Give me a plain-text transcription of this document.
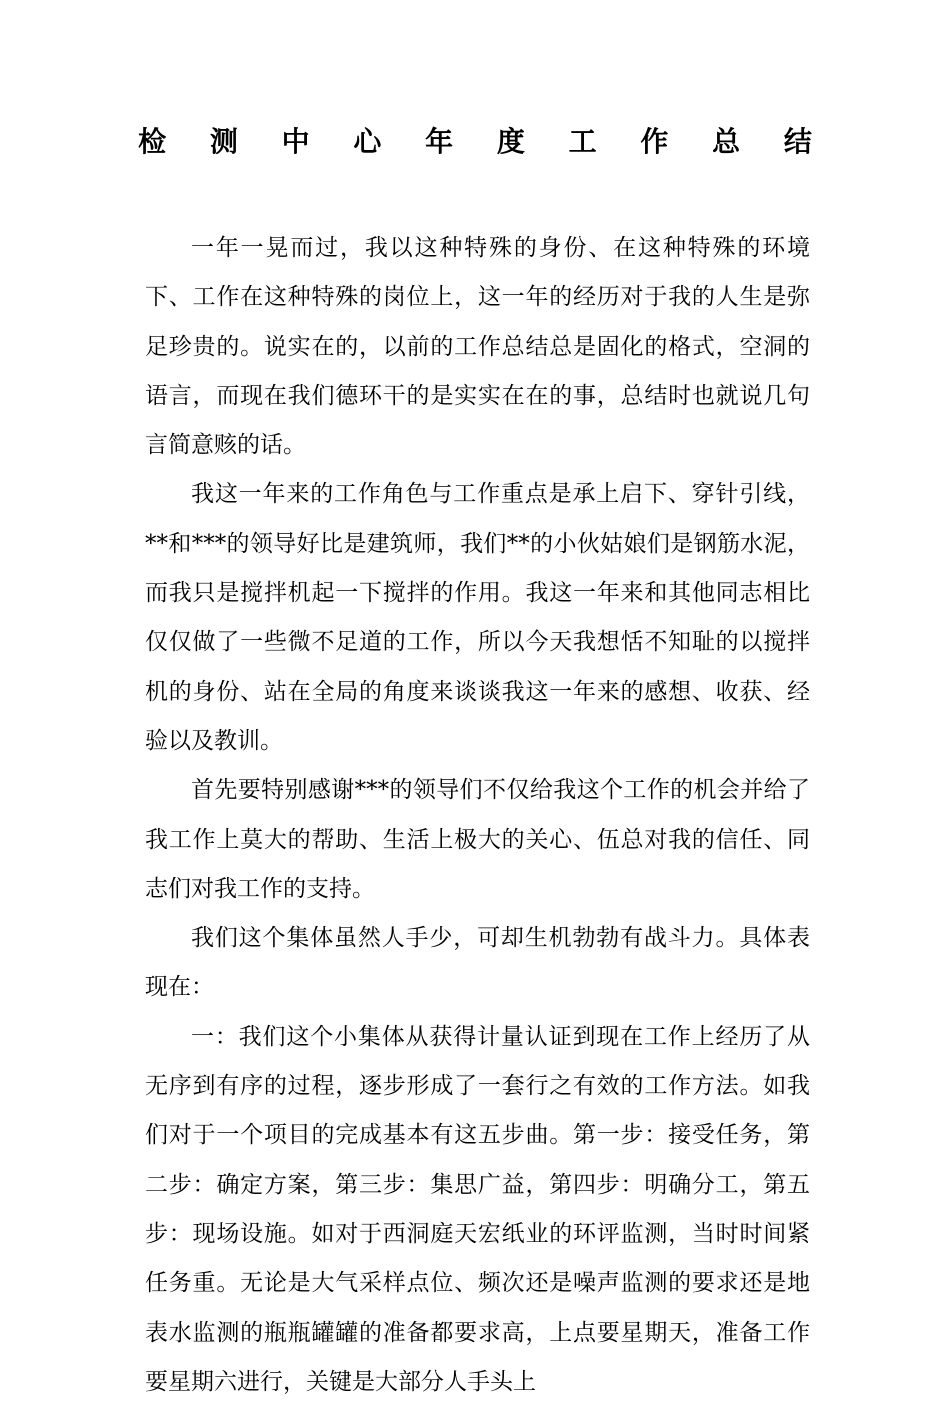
检 测 中 心 年 度 工 作 总 结

一年一晃而过，我以这种特殊的身份、在这种特殊的环境下、工作在这种特殊的岗位上，这一年的经历对于我的人生是弥足珍贵的。说实在的，以前的工作总结总是固化的格式，空洞的语言，而现在我们德环干的是实实在在的事，总结时也就说几句言简意赅的话。

我这一年来的工作角色与工作重点是承上启下、穿针引线，**和***的领导好比是建筑师，我们**的小伙姑娘们是钢筋水泥，而我只是搅拌机起一下搅拌的作用。我这一年来和其他同志相比仅仅做了一些微不足道的工作，所以今天我想恬不知耻的以搅拌机的身份、站在全局的角度来谈谈我这一年来的感想、收获、经验以及教训。

首先要特别感谢***的领导们不仅给我这个工作的机会并给了我工作上莫大的帮助、生活上极大的关心、伍总对我的信任、同志们对我工作的支持。

我们这个集体虽然人手少，可却生机勃勃有战斗力。具体表现在：

一：我们这个小集体从获得计量认证到现在工作上经历了从无序到有序的过程，逐步形成了一套行之有效的工作方法。如我们对于一个项目的完成基本有这五步曲。第一步：接受任务，第二步：确定方案，第三步：集思广益，第四步：明确分工，第五步：现场设施。如对于西洞庭天宏纸业的环评监测，当时时间紧任务重。无论是大气采样点位、频次还是噪声监测的要求还是地表水监测的瓶瓶罐罐的准备都要求高，上点要星期天，准备工作要星期六进行，关键是大部分人手头上
